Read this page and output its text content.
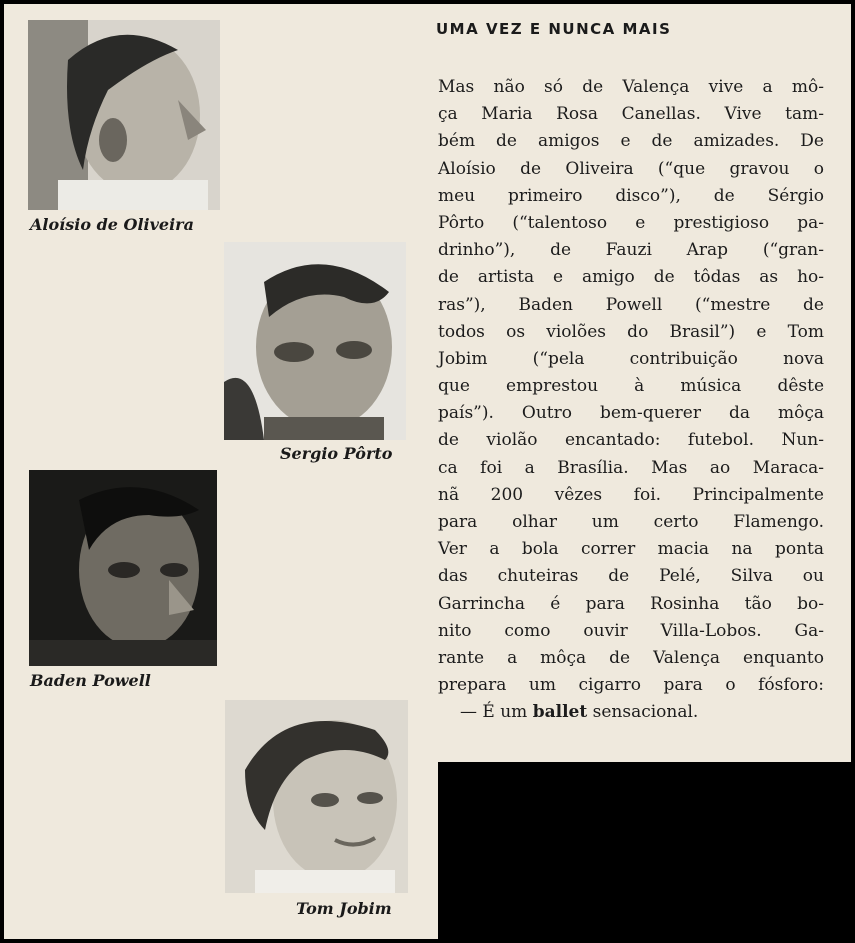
Aloísio de Oliveira
Sergio Pôrto
Baden Powell
Tom Jobim
UMA VEZ E NUNCA MAIS
Mas não só de Valença vive a mô-
ça Maria Rosa Canellas. Vive tam-
bém de amigos e de amizades. De
Aloísio de Oliveira (“que gravou o
meu primeiro disco”), de Sérgio
Pôrto (“talentoso e prestigioso pa-
drinho”), de Fauzi Arap (“gran-
de artista e amigo de tôdas as ho-
ras”), Baden Powell (“mestre de
todos os violões do Brasil”) e Tom
Jobim (“pela contribuição nova
que emprestou à música dêste
país”). Outro bem-querer da môça
de violão encantado: futebol. Nun-
ca foi a Brasília. Mas ao Maraca-
nã 200 vêzes foi. Principalmente
para olhar um certo Flamengo.
Ver a bola correr macia na ponta
das chuteiras de Pelé, Silva ou
Garrincha é para Rosinha tão bo-
nito como ouvir Villa-Lobos. Ga-
rante a môça de Valença enquanto
prepara um cigarro para o fósforo:
— É um ballet sensacional.
